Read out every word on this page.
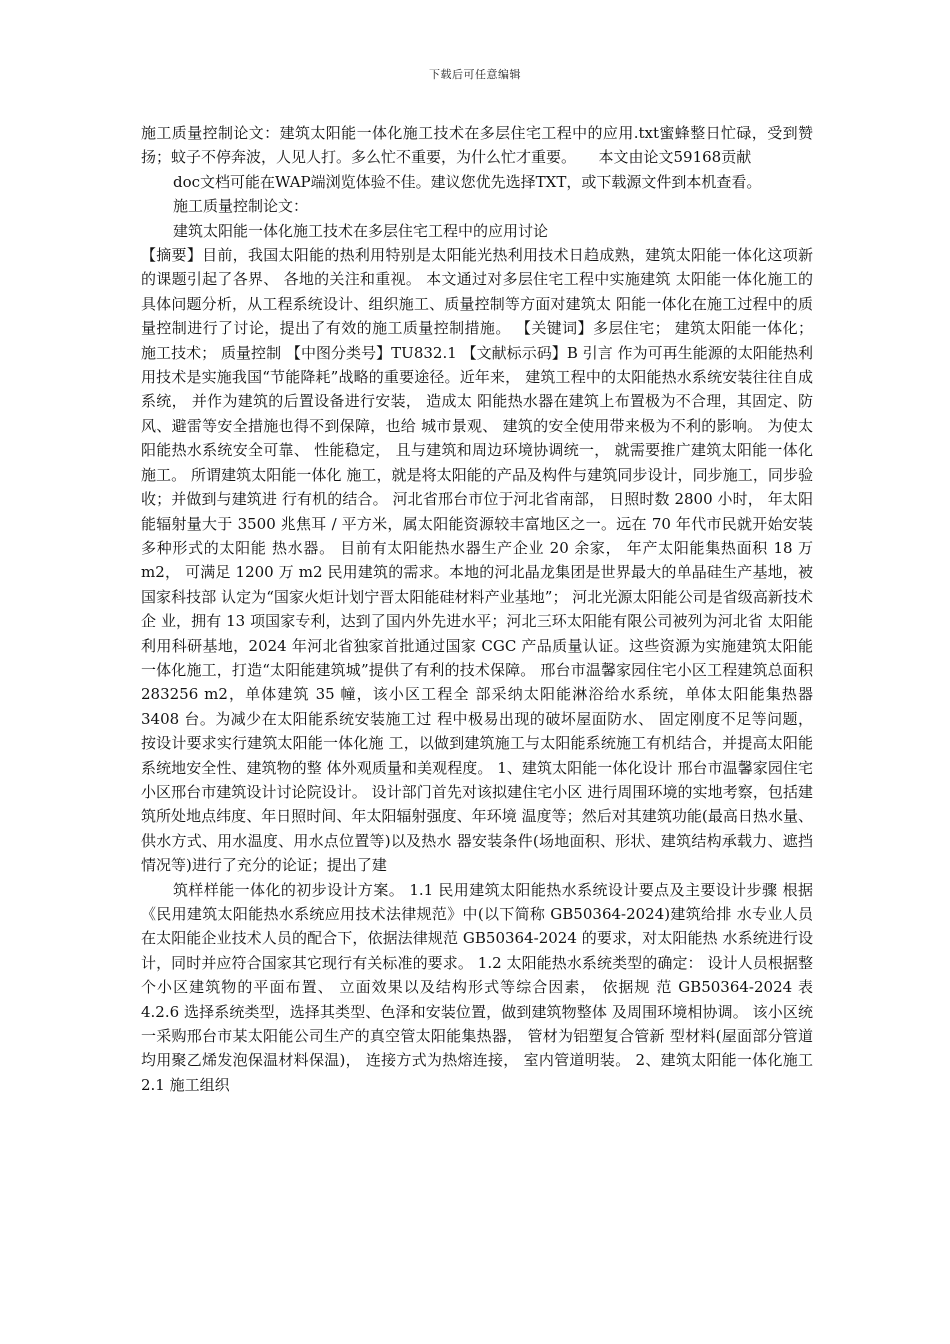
下载后可任意编辑

施工质量控制论文：建筑太阳能一体化施工技术在多层住宅工程中的应用.txt蜜蜂整日忙碌，受到赞扬；蚊子不停奔波，人见人打。多么忙不重要，为什么忙才重要。　　本文由论文59168贡献

doc文档可能在WAP端浏览体验不佳。建议您优先选择TXT，或下载源文件到本机查看。

施工质量控制论文：

建筑太阳能一体化施工技术在多层住宅工程中的应用讨论

【摘要】目前，我国太阳能的热利用特别是太阳能光热利用技术日趋成熟，建筑太阳能一体化这项新的课题引起了各界、 各地的关注和重视。 本文通过对多层住宅工程中实施建筑 太阳能一体化施工的具体问题分析，从工程系统设计、组织施工、质量控制等方面对建筑太 阳能一体化在施工过程中的质量控制进行了讨论，提出了有效的施工质量控制措施。 【关键词】多层住宅； 建筑太阳能一体化； 施工技术； 质量控制 【中图分类号】TU832.1 【文献标示码】B 引言 作为可再生能源的太阳能热利用技术是实施我国“节能降耗”战略的重要途径。近年来， 建筑工程中的太阳能热水系统安装往往自成系统， 并作为建筑的后置设备进行安装， 造成太 阳能热水器在建筑上布置极为不合理，其固定、防风、避雷等安全措施也得不到保障，也给 城市景观、 建筑的安全使用带来极为不利的影响。 为使太阳能热水系统安全可靠、 性能稳定， 且与建筑和周边环境协调统一， 就需要推广建筑太阳能一体化施工。 所谓建筑太阳能一体化 施工，就是将太阳能的产品及构件与建筑同步设计，同步施工，同步验收；并做到与建筑进 行有机的结合。 河北省邢台市位于河北省南部， 日照时数 2800 小时， 年太阳能辐射量大于 3500 兆焦耳 / 平方米，属太阳能资源较丰富地区之一。远在 70 年代市民就开始安装多种形式的太阳能 热水器。 目前有太阳能热水器生产企业 20 余家， 年产太阳能集热面积 18 万 m2， 可满足 1200 万 m2 民用建筑的需求。本地的河北晶龙集团是世界最大的单晶硅生产基地，被国家科技部 认定为“国家火炬计划宁晋太阳能硅材料产业基地”； 河北光源太阳能公司是省级高新技术企 业，拥有 13 项国家专利，达到了国内外先进水平；河北三环太阳能有限公司被列为河北省 太阳能利用科研基地，2024 年河北省独家首批通过国家 CGC 产品质量认证。这些资源为实施建筑太阳能一体化施工，打造“太阳能建筑城”提供了有利的技术保障。 邢台市温馨家园住宅小区工程建筑总面积 283256 m2，单体建筑 35 幢，该小区工程全 部采纳太阳能淋浴给水系统，单体太阳能集热器 3408 台。为减少在太阳能系统安装施工过 程中极易出现的破坏屋面防水、 固定刚度不足等问题， 按设计要求实行建筑太阳能一体化施 工，以做到建筑施工与太阳能系统施工有机结合，并提高太阳能系统地安全性、建筑物的整 体外观质量和美观程度。 1、建筑太阳能一体化设计 邢台市温馨家园住宅小区邢台市建筑设计讨论院设计。 设计部门首先对该拟建住宅小区 进行周围环境的实地考察，包括建筑所处地点纬度、年日照时间、年太阳辐射强度、年环境 温度等；然后对其建筑功能(最高日热水量、供水方式、用水温度、用水点位置等)以及热水 器安装条件(场地面积、形状、建筑结构承载力、遮挡情况等)进行了充分的论证；提出了建

筑样样能一体化的初步设计方案。 1.1 民用建筑太阳能热水系统设计要点及主要设计步骤 根据《民用建筑太阳能热水系统应用技术法律规范》中(以下简称 GB50364-2024)建筑给排 水专业人员在太阳能企业技术人员的配合下，依据法律规范 GB50364-2024 的要求，对太阳能热 水系统进行设计，同时并应符合国家其它现行有关标准的要求。 1.2 太阳能热水系统类型的确定： 设计人员根据整个小区建筑物的平面布置、 立面效果以及结构形式等综合因素， 依据规 范 GB50364-2024 表 4.2.6 选择系统类型，选择其类型、色泽和安装位置，做到建筑物整体 及周围环境相协调。 该小区统一采购邢台市某太阳能公司生产的真空管太阳能集热器， 管材为铝塑复合管新 型材料(屋面部分管道均用聚乙烯发泡保温材料保温)， 连接方式为热熔连接， 室内管道明装。 2、建筑太阳能一体化施工 2.1 施工组织
